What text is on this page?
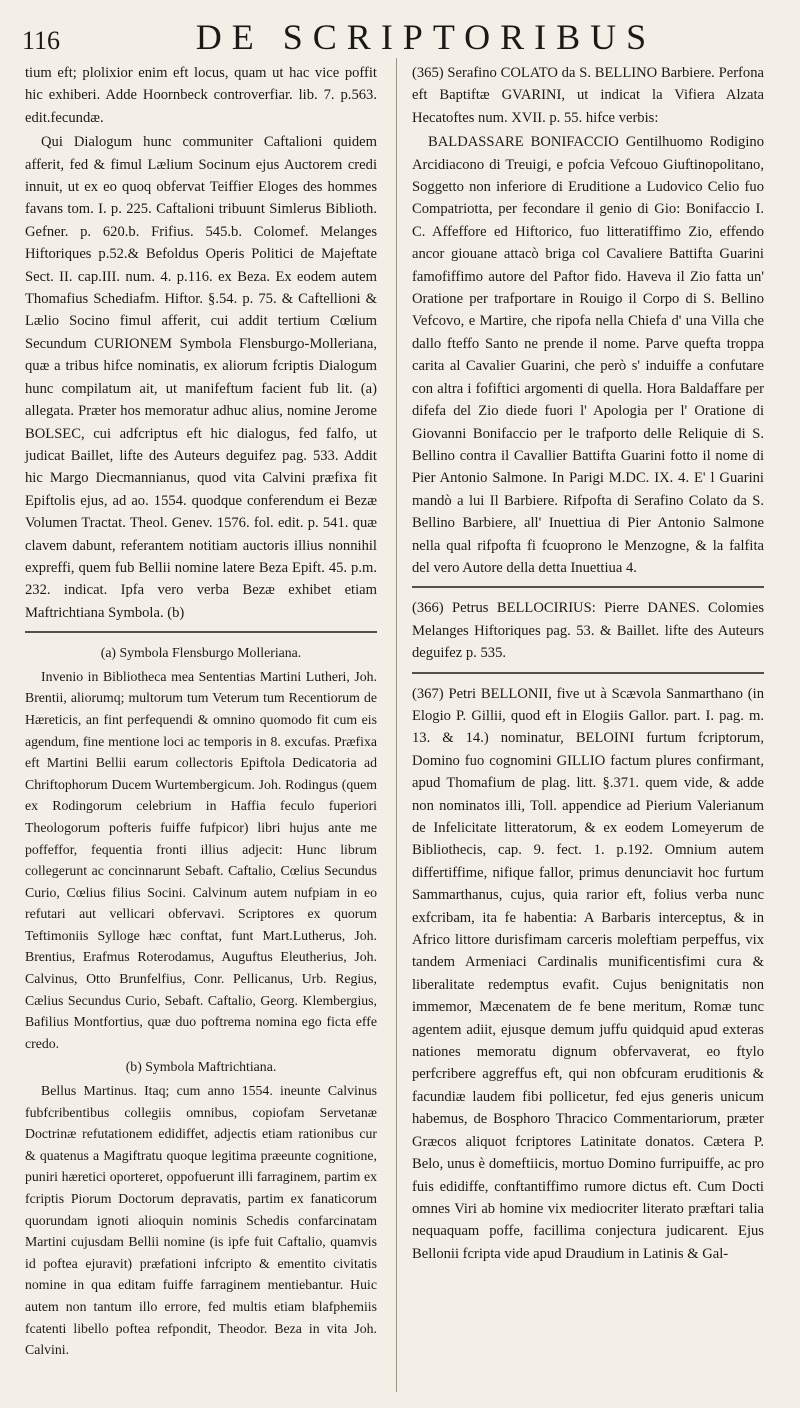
116	DE SCRIPTORIBUS

tium eft; plolixior enim eft locus, quam ut hac vice poffit hic exhiberi. Adde Hoornbeck controverfiar. lib. 7. p.563. edit.fecundæ.

Qui Dialogum hunc communiter Caftalioni quidem afferit, fed & fimul Lælium Socinum ejus Auctorem credi innuit, ut ex eo quoq obfervat Teiffier Eloges des hommes favans tom. I. p. 225. Caftalioni tribuunt Simlerus Biblioth. Gefner. p. 620.b. Frifius. 545.b. Colomef. Melanges Hiftoriques p.52.& Befoldus Operis Politici de Majeftate Sect. II. cap.III. num. 4. p.116. ex Beza. Ex eodem autem Thomafius Schediafm. Hiftor. §.54. p. 75. & Caftellioni & Lælio Socino fimul afferit, cui addit tertium Cœlium Secundum CURIONEM Symbola Flensburgo-Molleriana, quæ a tribus hifce nominatis, ex aliorum fcriptis Dialogum hunc compilatum ait, ut manifeftum facient fub lit. (a) allegata. Præter hos memoratur adhuc alius, nomine Jerome BOLSEC, cui adfcriptus eft hic dialogus, fed falfo, ut judicat Baillet, lifte des Auteurs deguifez pag. 533. Addit hic Margo Diecmannianus, quod vita Calvini præfixa fit Epiftolis ejus, ad ao. 1554. quodque conferendum ei Bezæ Volumen Tractat. Theol. Genev. 1576. fol. edit. p. 541. quæ clavem dabunt, referantem notitiam auctoris illius nonnihil expreffi, quem fub Bellii nomine latere Beza Epift. 45. p.m. 232. indicat. Ipfa vero verba Bezæ exhibet etiam Maftrichtiana Symbola. (b)

(a) Symbola Flensburgo Molleriana.

Invenio in Bibliotheca mea Sententias Martini Lutheri, Joh. Brentii, aliorumq; multorum tum Veterum tum Recentiorum de Hæreticis, an fint perfequendi & omnino quomodo fit cum eis agendum, fine mentione loci ac temporis in 8. excufas. Præfixa eft Martini Bellii earum collectoris Epiftola Dedicatoria ad Chriftophorum Ducem Wurtembergicum. Joh. Rodingus (quem ex Rodingorum celebrium in Haffia feculo fuperiori Theologorum pofteris fuiffe fufpicor) libri hujus ante me poffeffor, fequentia fronti illius adjecit: Hunc librum collegerunt ac concinnarunt Sebaft. Caftalio, Cœlius Secundus Curio, Cœlius filius Socini. Calvinum autem nufpiam in eo refutari aut vellicari obfervavi. Scriptores ex quorum Teftimoniis Sylloge hæc conftat, funt Mart.Lutherus, Joh. Brentius, Erafmus Roterodamus, Auguftus Eleutherius, Joh. Calvinus, Otto Brunfelfius, Conr. Pellicanus, Urb. Regius, Cælius Secundus Curio, Sebaft. Caftalio, Georg. Klembergius, Bafilius Montfortius, quæ duo poftrema nomina ego ficta effe credo.

(b) Symbola Maftrichtiana.

Bellus Martinus. Itaq; cum anno 1554. ineunte Calvinus fubfcribentibus collegiis omnibus, copiofam Servetanæ Doctrinæ refutationem edidiffet, adjectis etiam rationibus cur & quatenus a Magiftratu quoque legitima præeunte cognitione, puniri hæretici oporteret, oppofuerunt illi farraginem, partim ex fcriptis Piorum Doctorum depravatis, partim ex fanaticorum quorundam ignoti alioquin nominis Schedis confarcinatam Martini cujusdam Bellii nomine (is ipfe fuit Caftalio, quamvis id poftea ejuravit) præfationi infcripto & ementito civitatis nomine in qua editam fuiffe farraginem mentiebantur. Huic autem non tantum illo errore, fed multis etiam blafphemiis fcatenti libello poftea refpondit, Theodor. Beza in vita Joh. Calvini.

(365) Serafino COLATO da S. BELLINO Barbiere. Perfona eft Baptiftæ GVARINI, ut indicat la Vifiera Alzata Hecatoftes num. XVII. p. 55. hifce verbis:

BALDASSARE BONIFACCIO Gentilhuomo Rodigino Arcidiacono di Treuigi, e pofcia Vefcouo Giuftinopolitano, Soggetto non inferiore di Eruditione a Ludovico Celio fuo Compatriotta, per fecondare il genio di Gio: Bonifaccio I. C. Affeffore ed Hiftorico, fuo litteratiffimo Zio, effendo ancor giouane attacò briga col Cavaliere Battifta Guarini famofiffimo autore del Paftor fido. Haveva il Zio fatta un' Oratione per trafportare in Rouigo il Corpo di S. Bellino Vefcovo, e Martire, che ripofa nella Chiefa d' una Villa che dallo fteffo Santo ne prende il nome. Parve quefta troppa carita al Cavalier Guarini, che però s' induiffe a confutare con altra i fofiftici argomenti di quella. Hora Baldaffare per difefa del Zio diede fuori l' Apologia per l' Oratione di Giovanni Bonifaccio per le trafporto delle Reliquie di S. Bellino contra il Cavallier Battifta Guarini fotto il nome di Pier Antonio Salmone. In Parigi M.DC. IX. 4. E' l Guarini mandò a lui Il Barbiere. Rifpofta di Serafino Colato da S. Bellino Barbiere, all' Inuettiua di Pier Antonio Salmone nella qual rifpofta fi fcuoprono le Menzogne, & la falfita del vero Autore della detta Inuettiua 4.

(366) Petrus BELLOCIRIUS: Pierre DANES. Colomies Melanges Hiftoriques pag. 53. & Baillet. lifte des Auteurs deguifez p. 535.

(367) Petri BELLONII, five ut à Scævola Sanmarthano (in Elogio P. Gillii, quod eft in Elogiis Gallor. part. I. pag. m. 13. & 14.) nominatur, BELOINI furtum fcriptorum, Domino fuo cognomini GILLIO factum plures confirmant, apud Thomafium de plag. litt. §.371. quem vide, & adde non nominatos illi, Toll. appendice ad Pierium Valerianum de Infelicitate litteratorum, & ex eodem Lomeyerum de Bibliothecis, cap. 9. fect. 1. p.192. Omnium autem differtiffime, nifique fallor, primus denunciavit hoc furtum Sammarthanus, cujus, quia rarior eft, folius verba nunc exfcribam, ita fe habentia: A Barbaris interceptus, & in Africo littore durisfimam carceris moleftiam perpeffus, vix tandem Armeniaci Cardinalis munificentisfimi cura & liberalitate redemptus evafit. Cujus benignitatis non immemor, Mæcenatem de fe bene meritum, Romæ tunc agentem adiit, ejusque demum juffu quidquid apud exteras nationes memoratu dignum obfervaverat, eo ftylo perfcribere aggreffus eft, qui non obfcuram eruditionis & facundiæ laudem fibi pollicetur, fed ejus generis unicum habemus, de Bosphoro Thracico Commentariorum, præter Græcos aliquot fcriptores Latinitate donatos. Cætera P. Belo, unus è domeftiicis, mortuo Domino furripuiffe, ac pro fuis edidiffe, conftantiffimo rumore dictus eft. Cum Docti omnes Viri ab homine vix mediocriter literato præftari talia nequaquam poffe, facillima conjectura judicarent. Ejus Bellonii fcripta vide apud Draudium in Latinis & Gal-
